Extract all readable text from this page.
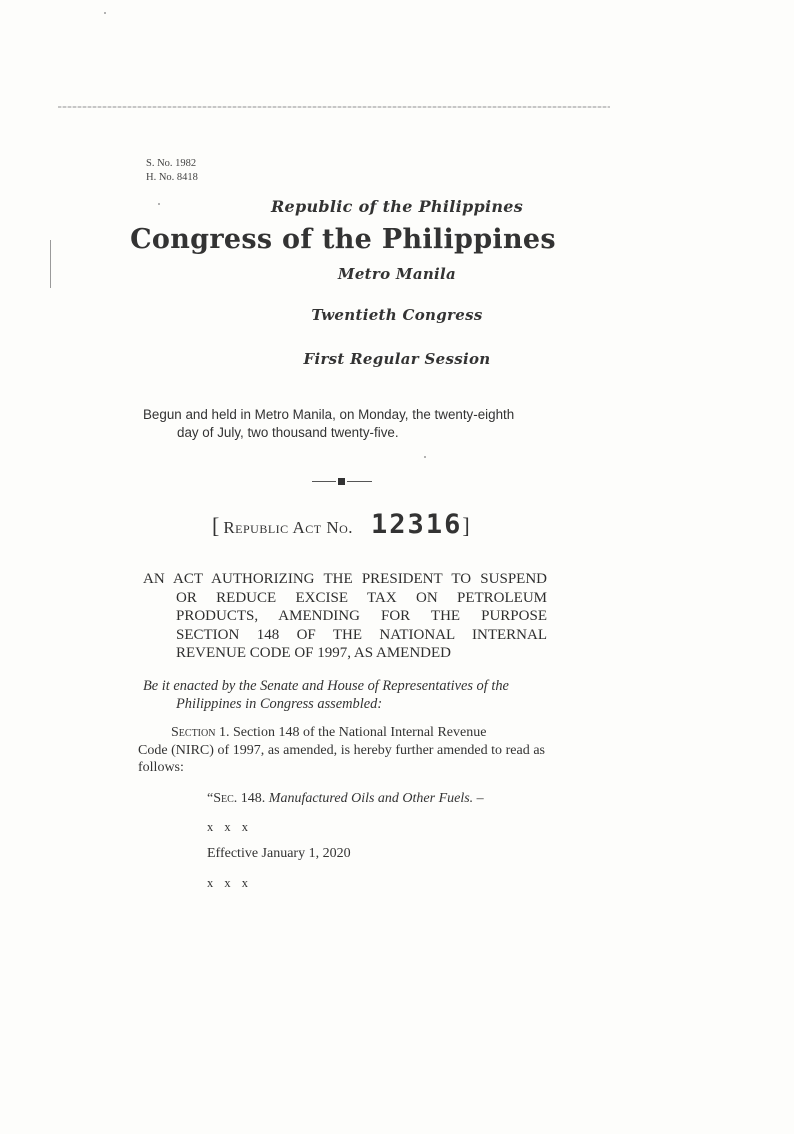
S. No. 1982
H. No. 8418
Republic of the Philippines
Congress of the Philippines
Metro Manila
Twentieth Congress
First Regular Session
Begun and held in Metro Manila, on Monday, the twenty-eighth
day of July, two thousand twenty-five.
[ Republic Act No. 12316]
AN ACT AUTHORIZING THE PRESIDENT TO SUSPEND
OR REDUCE EXCISE TAX ON PETROLEUM
PRODUCTS, AMENDING FOR THE PURPOSE
SECTION 148 OF THE NATIONAL INTERNAL
REVENUE CODE OF 1997, AS AMENDED
Be it enacted by the Senate and House of Representatives of the
Philippines in Congress assembled:
Section 1. Section 148 of the National Internal Revenue
Code (NIRC) of 1997, as amended, is hereby further amended to read as follows:
“Sec. 148. Manufactured Oils and Other Fuels. –
x x x
Effective January 1, 2020
x x x
